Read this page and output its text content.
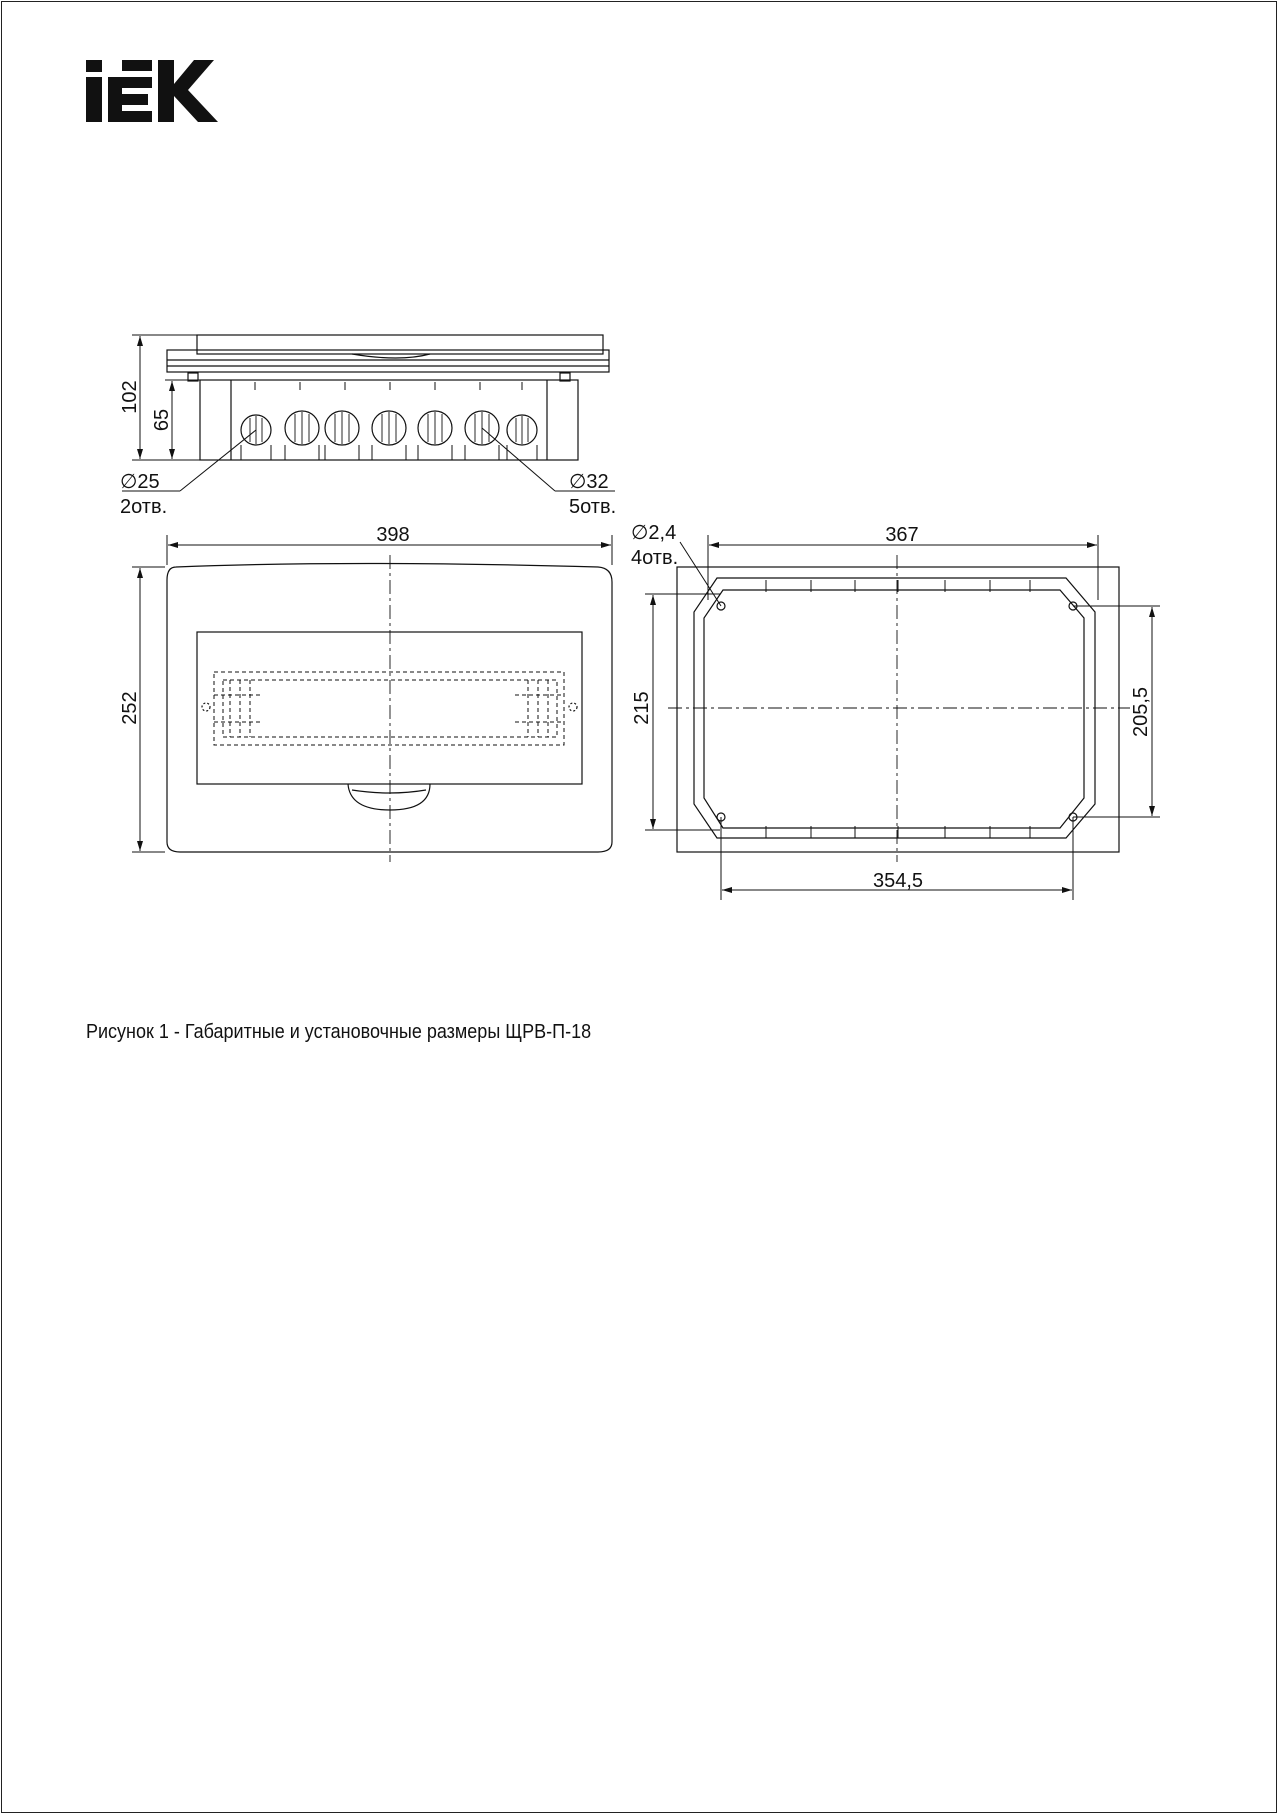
102
65
∅25
2отв.
∅32
5отв.
398
252
∅2,4
4отв.
367
215	205,5
354,5
Рисунок 1 - Габаритные и установочные размеры ЩРВ-П-18
